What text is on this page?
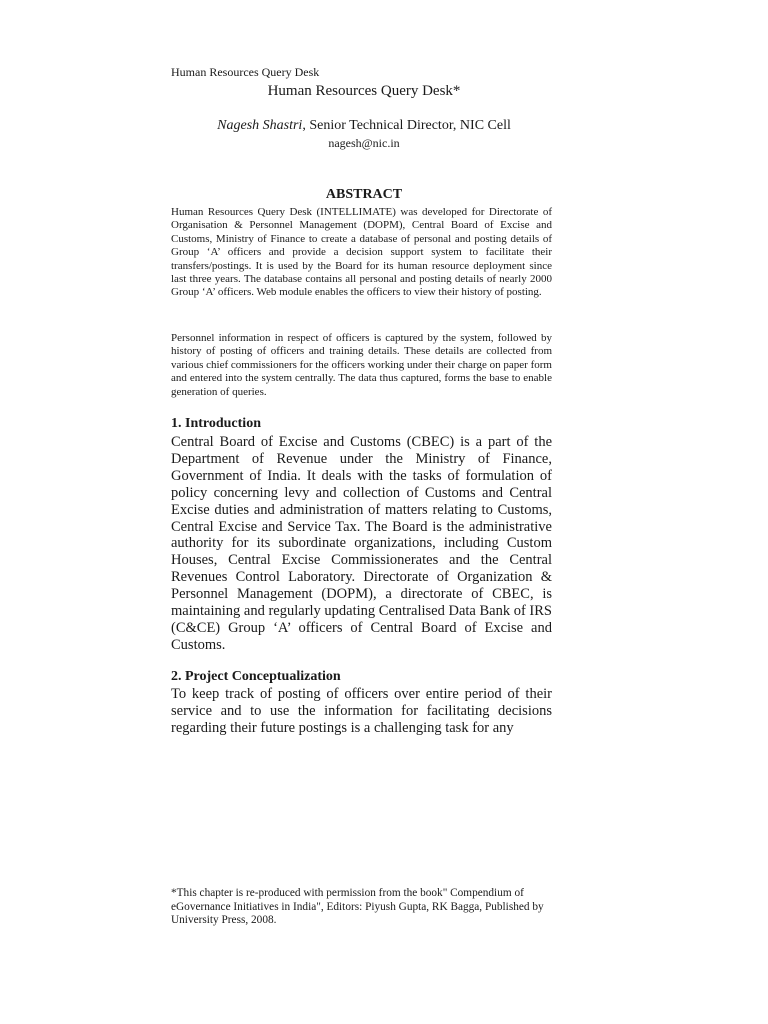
Human Resources Query Desk
Human Resources Query Desk*
Nagesh Shastri, Senior Technical Director, NIC Cell
nagesh@nic.in
ABSTRACT

Human Resources Query Desk (INTELLIMATE) was developed for Directorate of Organisation & Personnel Management (DOPM), Central Board of Excise and Customs, Ministry of Finance to create a database of personal and posting details of Group ‘A’ officers and provide a decision support system to facilitate their transfers/postings. It is used by the Board for its human resource deployment since last three years. The database contains all personal and posting details of nearly 2000 Group ‘A’ officers. Web module enables the officers to view their history of posting.

Personnel information in respect of officers is captured by the system, followed by history of posting of officers and training details. These details are collected from various chief commissioners for the officers working under their charge on paper form and entered into the system centrally. The data thus captured, forms the base to enable generation of queries.

1. Introduction

Central Board of Excise and Customs (CBEC) is a part of the Department of Revenue under the Ministry of Finance, Government of India. It deals with the tasks of formulation of policy concerning levy and collection of Customs and Central Excise duties and administration of matters relating to Customs, Central Excise and Service Tax. The Board is the administrative authority for its subordinate organizations, including Custom Houses, Central Excise Commissionerates and the Central Revenues Control Laboratory. Directorate of Organization & Personnel Management (DOPM), a directorate of CBEC, is maintaining and regularly updating Centralised Data Bank of IRS (C&CE) Group ‘A’ officers of Central Board of Excise and Customs.

2. Project Conceptualization

To keep track of posting of officers over entire period of their service and to use the information for facilitating decisions regarding their future postings is a challenging task for any

*This chapter is re-produced with permission from the book" Compendium of eGovernance Initiatives in India", Editors: Piyush Gupta, RK Bagga, Published by University Press, 2008.
